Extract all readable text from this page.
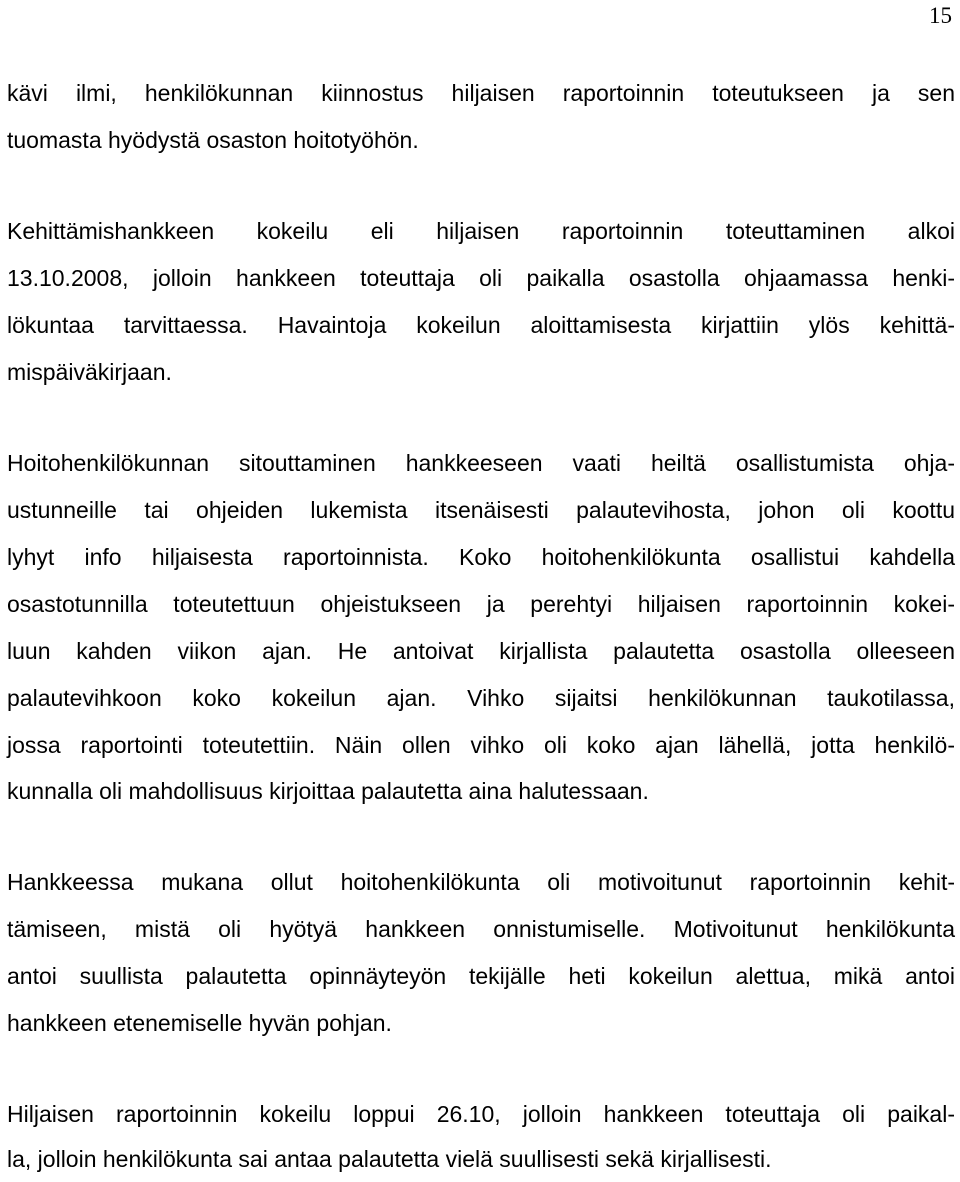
15
kävi ilmi, henkilökunnan kiinnostus hiljaisen raportoinnin toteutukseen ja sen
tuomasta hyödystä osaston hoitotyöhön.
Kehittämishankkeen kokeilu eli hiljaisen raportoinnin toteuttaminen alkoi
13.10.2008, jolloin hankkeen toteuttaja oli paikalla osastolla ohjaamassa henki-
lökuntaa tarvittaessa. Havaintoja kokeilun aloittamisesta kirjattiin ylös kehittä-
mispäiväkirjaan.
Hoitohenkilökunnan sitouttaminen hankkeeseen vaati heiltä osallistumista ohja-
ustunneille tai ohjeiden lukemista itsenäisesti palautevihosta, johon oli koottu
lyhyt info hiljaisesta raportoinnista. Koko hoitohenkilökunta osallistui kahdella
osastotunnilla toteutettuun ohjeistukseen ja perehtyi hiljaisen raportoinnin kokei-
luun kahden viikon ajan. He antoivat kirjallista palautetta osastolla olleeseen
palautevihkoon koko kokeilun ajan. Vihko sijaitsi henkilökunnan taukotilassa,
jossa raportointi toteutettiin. Näin ollen vihko oli koko ajan lähellä, jotta henkilö-
kunnalla oli mahdollisuus kirjoittaa palautetta aina halutessaan.
Hankkeessa mukana ollut hoitohenkilökunta oli motivoitunut raportoinnin kehit-
tämiseen, mistä oli hyötyä hankkeen onnistumiselle. Motivoitunut henkilökunta
antoi suullista palautetta opinnäyteyön tekijälle heti kokeilun alettua, mikä antoi
hankkeen etenemiselle hyvän pohjan.
Hiljaisen raportoinnin kokeilu loppui 26.10, jolloin hankkeen toteuttaja oli paikal-
la, jolloin henkilökunta sai antaa palautetta vielä suullisesti sekä kirjallisesti.
